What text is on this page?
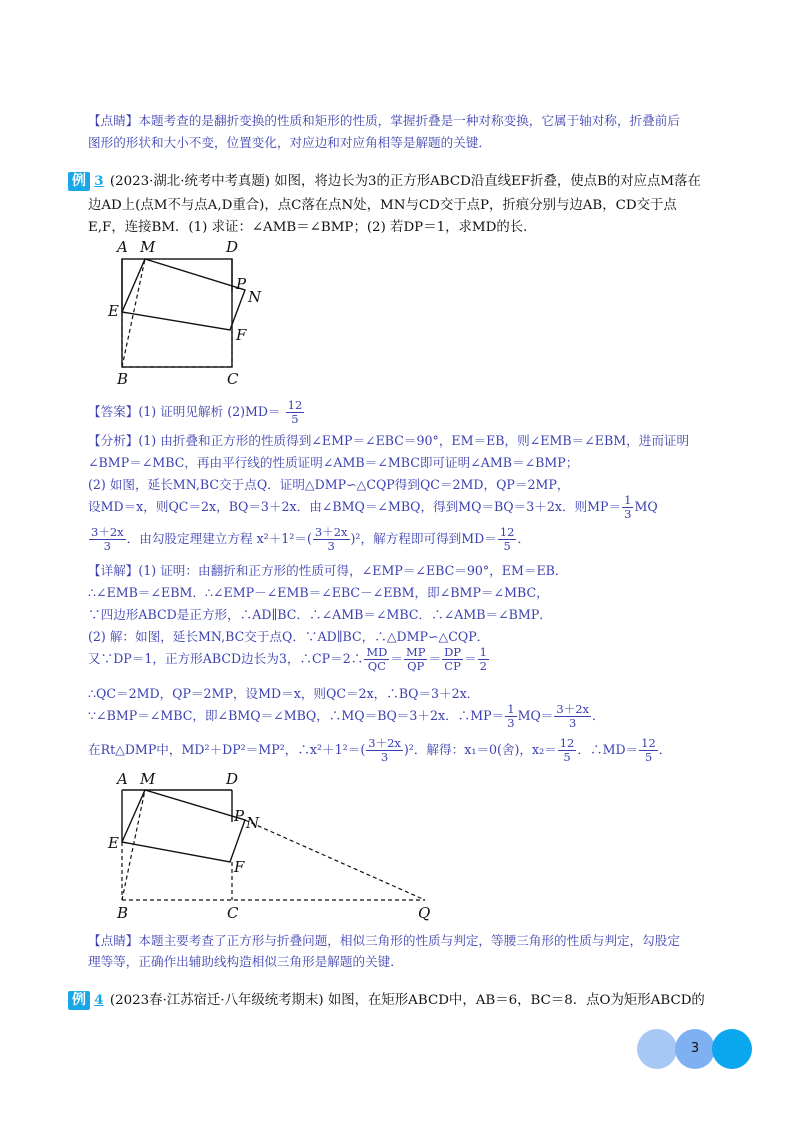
【点睛】本题考查的是翻折变换的性质和矩形的性质，掌握折叠是一种对称变换，它属于轴对称，折叠前后
图形的形状和大小不变，位置变化，对应边和对应角相等是解题的关键．
例 3 (2023·湖北·统考中考真题) 如图，将边长为3的正方形ABCD沿直线EF折叠，使点B的对应点M落在
边AD上(点M不与点A,D重合)，点C落在点N处，MN与CD交于点P，折痕分别与边AB，CD交于点
E,F，连接BM．(1) 求证：∠AMB＝∠BMP；(2) 若DP＝1，求MD的长．
A M	D
P
N
E
F
B	C
【答案】(1) 证明见解析 $(2)MD= \frac{12}{5}$
【分析】(1) 由折叠和正方形的性质得到∠EMP＝∠EBC＝90°，EM＝EB，则∠EMB＝∠EBM，进而证明
∠BMP＝∠MBC，再由平行线的性质证明∠AMB＝∠MBC即可证明∠AMB＝∠BMP；
(2) 如图，延长MN,BC交于点Q．证明△DMP∽△CQP得到QC＝2MD，QP＝2MP，
设MD＝x，则QC＝2x，BQ＝3＋2x．由∠BMQ＝∠MBQ，得到MQ＝BQ＝3＋2x．则$MP= \frac{1}{3}$ MQ
$\frac{3+2x}{3}$ ．由勾股定理建立方程 $x^2+1^2=( \frac{3+2x}{3} )^2$，解方程即可得到$MD= \frac{12}{5}$ ．
【详解】(1) 证明：由翻折和正方形的性质可得，∠EMP＝∠EBC＝90°，EM＝EB．
∴∠EMB＝∠EBM．∴∠EMP－∠EMB＝∠EBC－∠EBM，即∠BMP＝∠MBC，
∵四边形ABCD是正方形，∴AD∥BC．∴∠AMB＝∠MBC．∴∠AMB＝∠BMP．
(2) 解：如图，延长MN,BC交于点Q．∵AD∥BC，∴△DMP∽△CQP．
又∵DP＝1，正方形ABCD边长为3，∴CP＝2∴ $\frac{MD}{QC} = \frac{MP}{QP} = \frac{DP}{CP} = \frac{1}{2}$
∴QC＝2MD，QP＝2MP，设MD＝x，则QC＝2x，∴BQ＝3＋2x．
∵∠BMP＝∠MBC，即∠BMQ＝∠MBQ，∴MQ＝BQ＝3＋2x．∴MP＝ $\frac{1}{3} MQ= \frac{3+2x}{3}$ ．
在Rt△DMP中，MD²＋DP²＝MP²，∴x²＋1²＝( $\frac{3+2x}{3} )^2$．解得：x₁＝0(舍)，$x_2= \frac{12}{5}$ ．∴MD＝ $\frac{12}{5}$ ．
A M	D
P N
E
F
B	C	Q
【点睛】本题主要考查了正方形与折叠问题，相似三角形的性质与判定，等腰三角形的性质与判定，勾股定
理等等，正确作出辅助线构造相似三角形是解题的关键．
例 4 (2023春·江苏宿迁·八年级统考期末) 如图，在矩形ABCD中，AB＝6，BC＝8．点O为矩形ABCD的
3
